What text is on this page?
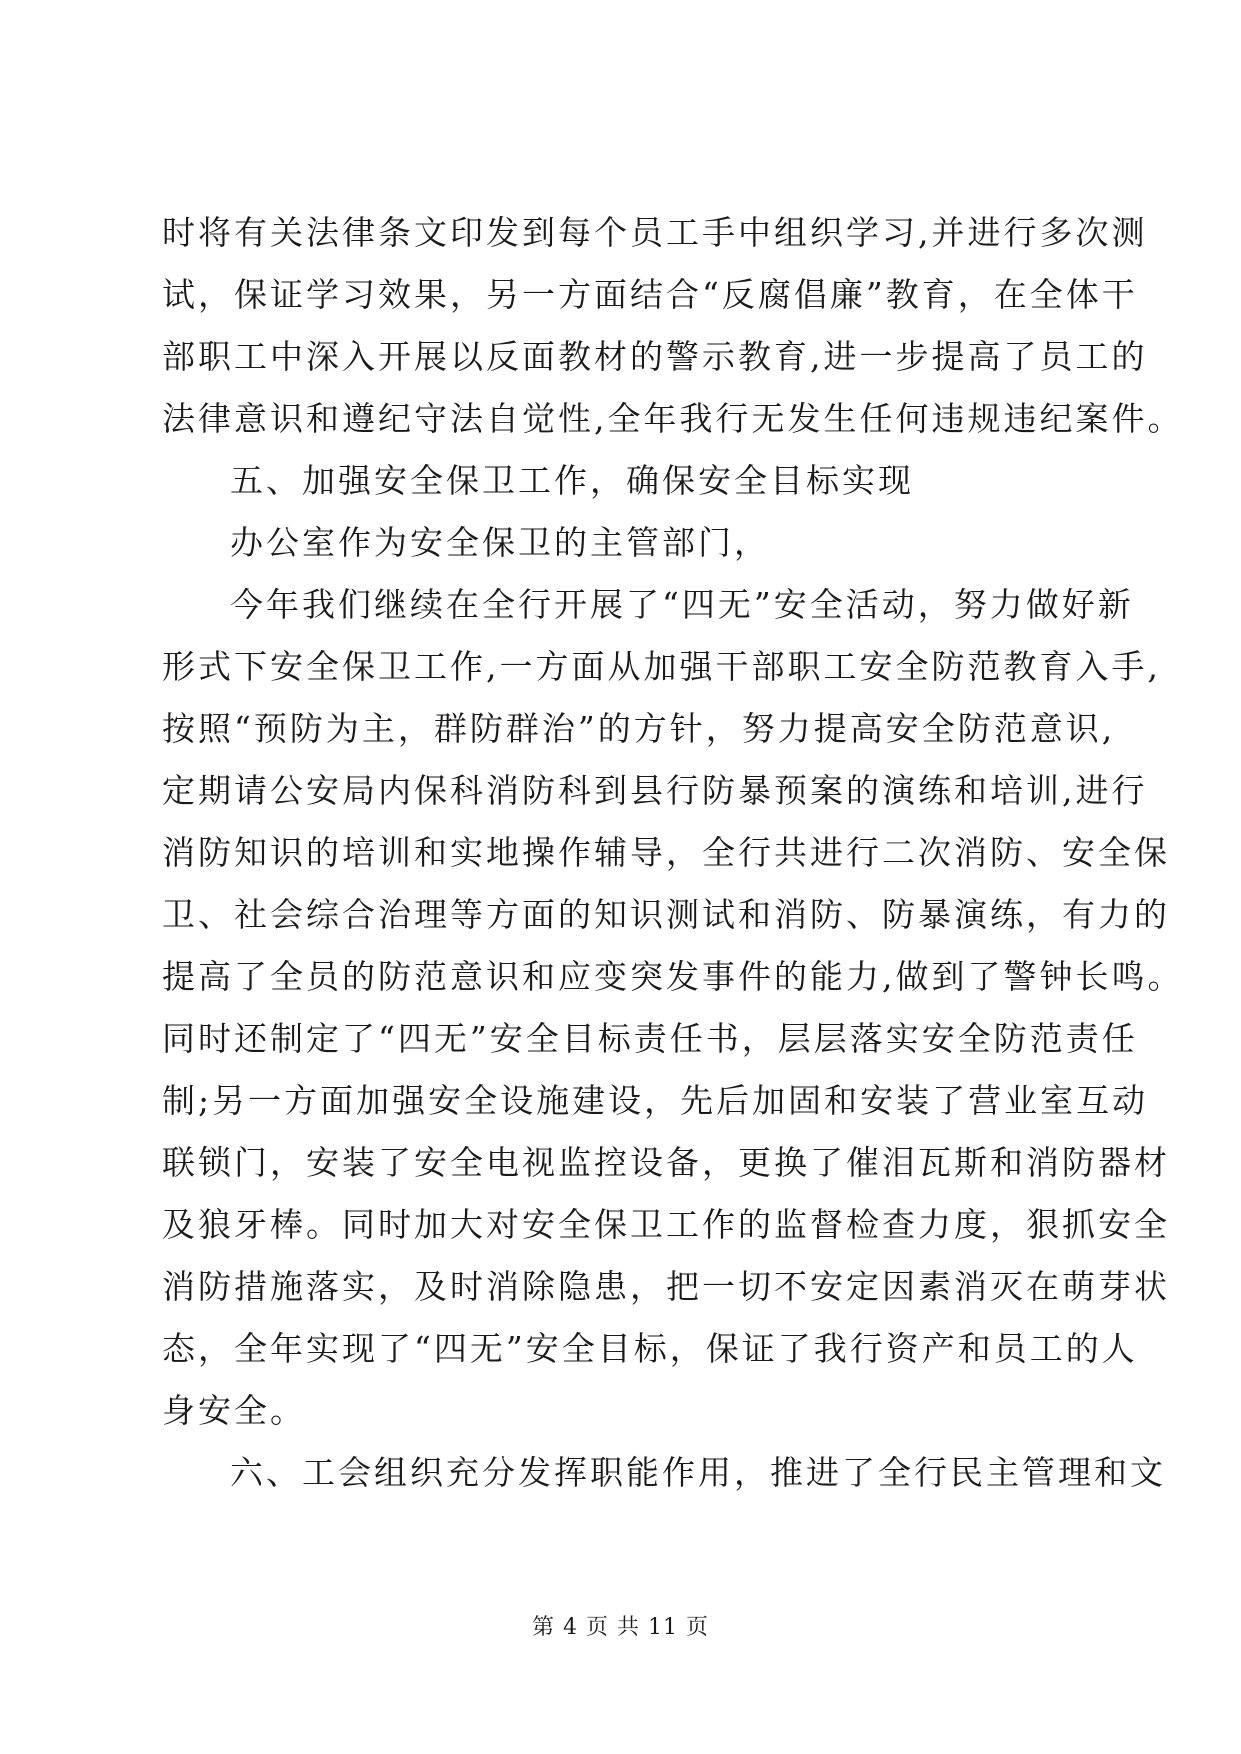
时将有关法律条文印发到每个员工手中组织学习,并进行多次测
试，保证学习效果，另一方面结合“反腐倡廉”教育，在全体干
部职工中深入开展以反面教材的警示教育,进一步提高了员工的
法律意识和遵纪守法自觉性,全年我行无发生任何违规违纪案件。
五、加强安全保卫工作，确保安全目标实现
办公室作为安全保卫的主管部门，
今年我们继续在全行开展了“四无”安全活动，努力做好新
形式下安全保卫工作,一方面从加强干部职工安全防范教育入手,
按照“预防为主，群防群治”的方针，努力提高安全防范意识,
定期请公安局内保科消防科到县行防暴预案的演练和培训,进行
消防知识的培训和实地操作辅导，全行共进行二次消防、安全保
卫、社会综合治理等方面的知识测试和消防、防暴演练，有力的
提高了全员的防范意识和应变突发事件的能力,做到了警钟长鸣。
同时还制定了“四无”安全目标责任书，层层落实安全防范责任
制;另一方面加强安全设施建设，先后加固和安装了营业室互动
联锁门，安装了安全电视监控设备，更换了催泪瓦斯和消防器材
及狼牙棒。同时加大对安全保卫工作的监督检查力度，狠抓安全
消防措施落实，及时消除隐患，把一切不安定因素消灭在萌芽状
态，全年实现了“四无”安全目标，保证了我行资产和员工的人
身安全。
六、工会组织充分发挥职能作用，推进了全行民主管理和文
第 4 页 共 11 页
